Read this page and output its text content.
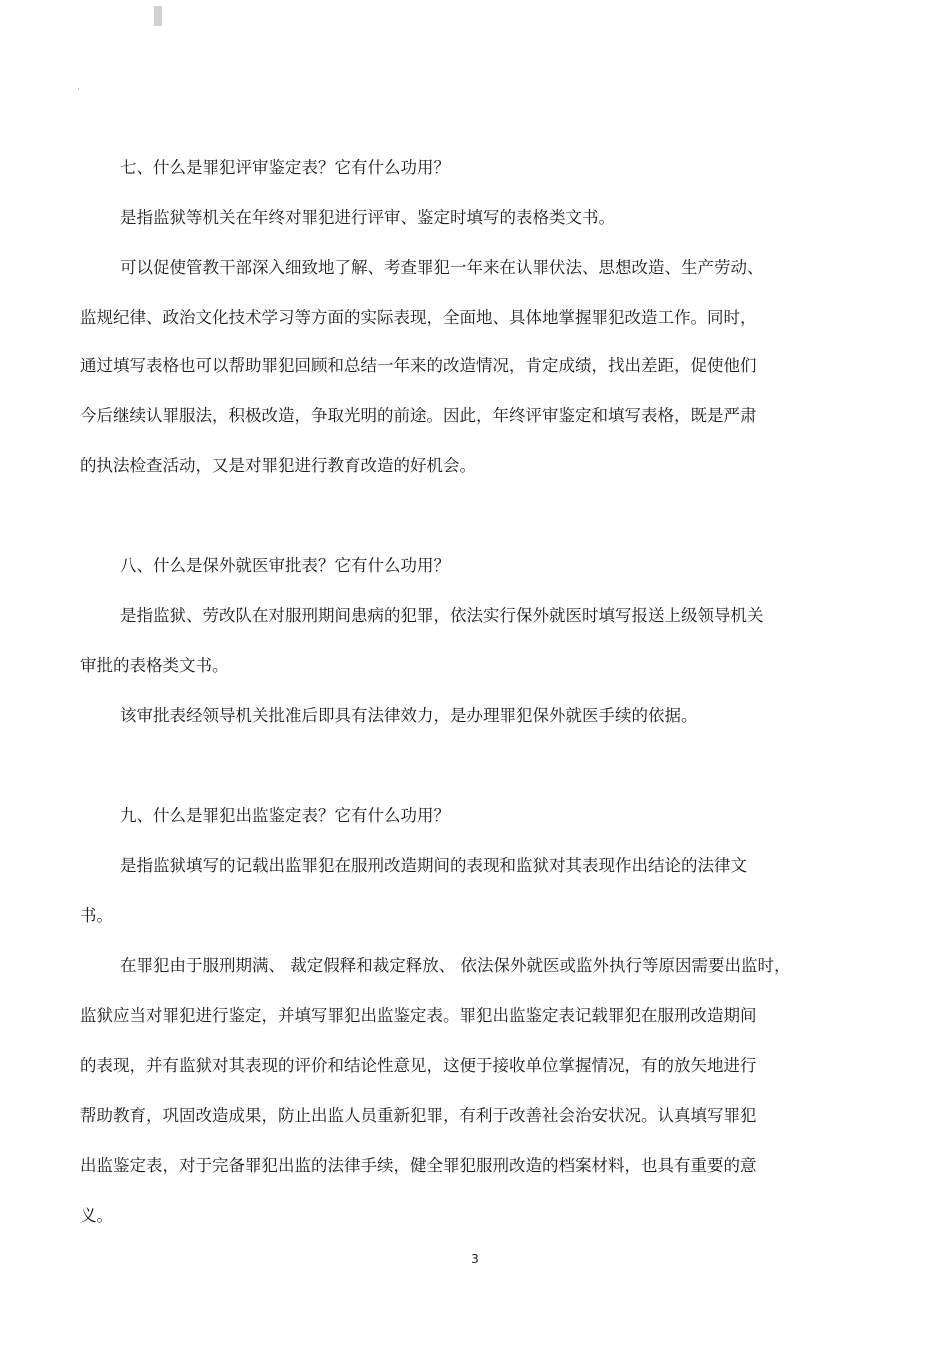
七、什么是罪犯评审鉴定表？它有什么功用？
是指监狱等机关在年终对罪犯进行评审、鉴定时填写的表格类文书。
可以促使管教干部深入细致地了解、考查罪犯一年来在认罪伏法、思想改造、生产劳动、
监规纪律、政治文化技术学习等方面的实际表现，全面地、具体地掌握罪犯改造工作。同时，
通过填写表格也可以帮助罪犯回顾和总结一年来的改造情况，肯定成绩，找出差距，促使他们
今后继续认罪服法，积极改造，争取光明的前途。因此，年终评审鉴定和填写表格，既是严肃
的执法检查活动，又是对罪犯进行教育改造的好机会。
八、什么是保外就医审批表？它有什么功用？
是指监狱、劳改队在对服刑期间患病的犯罪，依法实行保外就医时填写报送上级领导机关
审批的表格类文书。
该审批表经领导机关批准后即具有法律效力，是办理罪犯保外就医手续的依据。
九、什么是罪犯出监鉴定表？它有什么功用？
是指监狱填写的记载出监罪犯在服刑改造期间的表现和监狱对其表现作出结论的法律文
书。
在罪犯由于服刑期满、 裁定假释和裁定释放、 依法保外就医或监外执行等原因需要出监时，
监狱应当对罪犯进行鉴定，并填写罪犯出监鉴定表。罪犯出监鉴定表记载罪犯在服刑改造期间
的表现，并有监狱对其表现的评价和结论性意见，这便于接收单位掌握情况，有的放矢地进行
帮助教育，巩固改造成果，防止出监人员重新犯罪，有利于改善社会治安状况。认真填写罪犯
出监鉴定表，对于完备罪犯出监的法律手续，健全罪犯服刑改造的档案材料，也具有重要的意
义。
3
